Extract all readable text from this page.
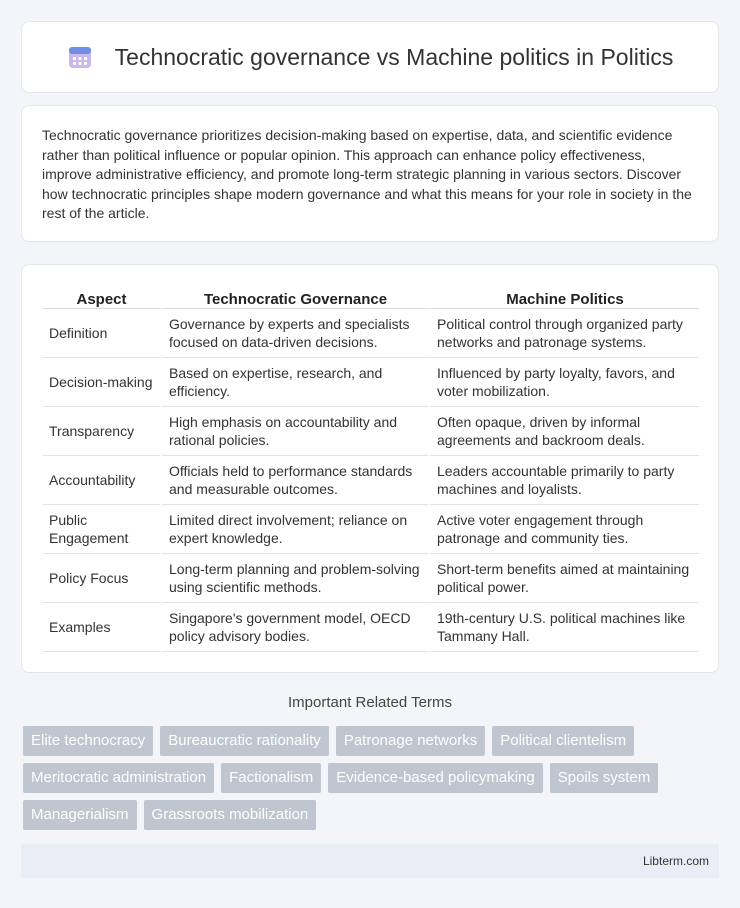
Technocratic governance vs Machine politics in Politics

Technocratic governance prioritizes decision-making based on expertise, data, and scientific evidence rather than political influence or popular opinion. This approach can enhance policy effectiveness, improve administrative efficiency, and promote long-term strategic planning in various sectors. Discover how technocratic principles shape modern governance and what this means for your role in society in the rest of the article.

Aspect	Technocratic Governance	Machine Politics
Definition	Governance by experts and specialists focused on data-driven decisions.	Political control through organized party networks and patronage systems.
Decision-making	Based on expertise, research, and efficiency.	Influenced by party loyalty, favors, and voter mobilization.
Transparency	High emphasis on accountability and rational policies.	Often opaque, driven by informal agreements and backroom deals.
Accountability	Officials held to performance standards and measurable outcomes.	Leaders accountable primarily to party machines and loyalists.
Public Engagement	Limited direct involvement; reliance on expert knowledge.	Active voter engagement through patronage and community ties.
Policy Focus	Long-term planning and problem-solving using scientific methods.	Short-term benefits aimed at maintaining political power.
Examples	Singapore's government model, OECD policy advisory bodies.	19th-century U.S. political machines like Tammany Hall.
Important Related Terms
Elite technocracy	Bureaucratic rationality	Patronage networks	Political clientelism
Meritocratic administration	Factionalism	Evidence-based policymaking	Spoils system
Managerialism	Grassroots mobilization
Libterm.com
